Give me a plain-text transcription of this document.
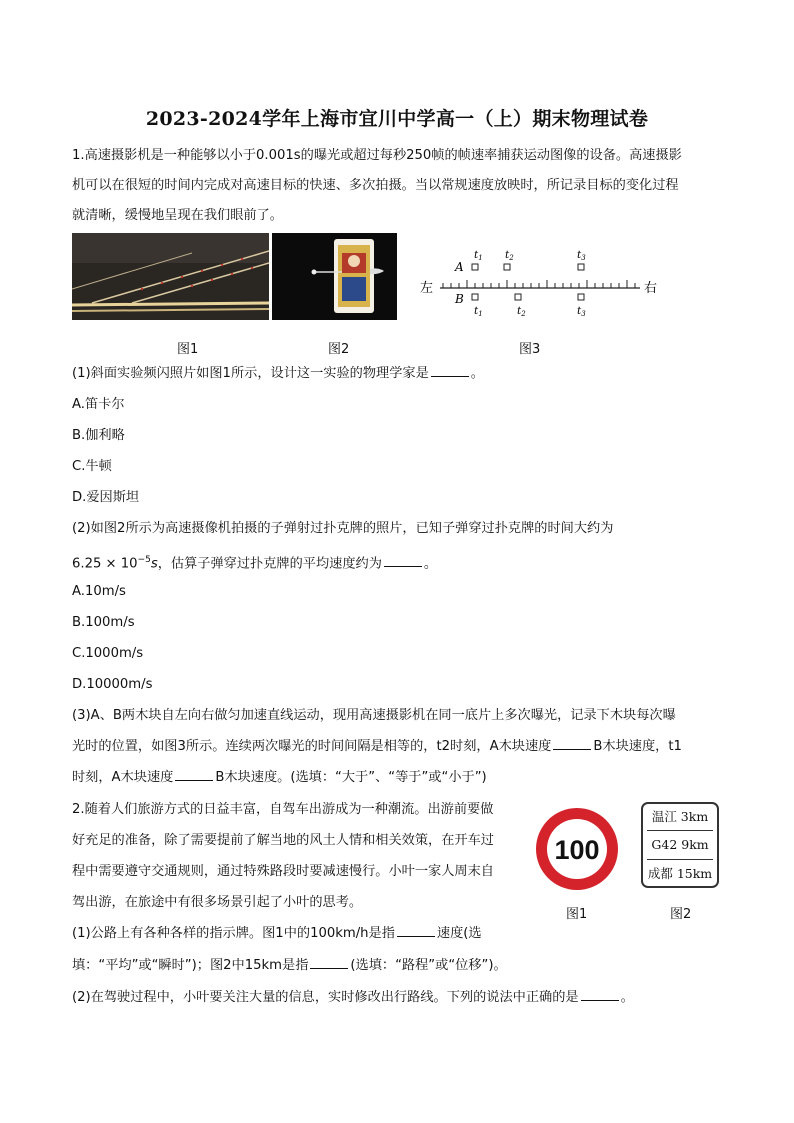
2023-2024学年上海市宜川中学高一（上）期末物理试卷
1.高速摄影机是一种能够以小于0.001s的曝光或超过每秒250帧的帧速率捕获运动图像的设备。高速摄影
机可以在很短的时间内完成对高速目标的快速、多次拍摄。当以常规速度放映时，所记录目标的变化过程
就清晰，缓慢地呈现在我们眼前了。
左	右
A
B
t1 t2	t3
t1	t2	t3
图1	图2	图3
(1)斜面实验频闪照片如图1所示，设计这一实验的物理学家是	。
A.笛卡尔
B.伽利略
C.牛顿
D.爱因斯坦
(2)如图2所示为高速摄像机拍摄的子弹射过扑克牌的照片，已知子弹穿过扑克牌的时间大约为
$6.25 \times 10^{-5}s$，估算子弹穿过扑克牌的平均速度约为	。
A.10m/s
B.100m/s
C.1000m/s
D.10000m/s
(3)A、B两木块自左向右做匀加速直线运动，现用高速摄影机在同一底片上多次曝光，记录下木块每次曝
光时的位置，如图3所示。连续两次曝光的时间间隔是相等的，t2时刻，A木块速度	B木块速度，t1
时刻，A木块速度	B木块速度。(选填：“大于”、“等于”或“小于”)
2.随着人们旅游方式的日益丰富，自驾车出游成为一种潮流。出游前要做
好充足的准备，除了需要提前了解当地的风土人情和相关效策，在开车过
程中需要遵守交通规则，通过特殊路段时要减速慢行。小叶一家人周末自
驾出游，在旅途中有很多场景引起了小叶的思考。
100
温江 3km
G42 9km
成都 15km
图1	图2
(1)公路上有各种各样的指示牌。图1中的100km/h是指	速度(选
填：“平均”或“瞬时”)；图2中15km是指	(选填：“路程”或“位移”)。
(2)在驾驶过程中，小叶要关注大量的信息，实时修改出行路线。下列的说法中正确的是	。
